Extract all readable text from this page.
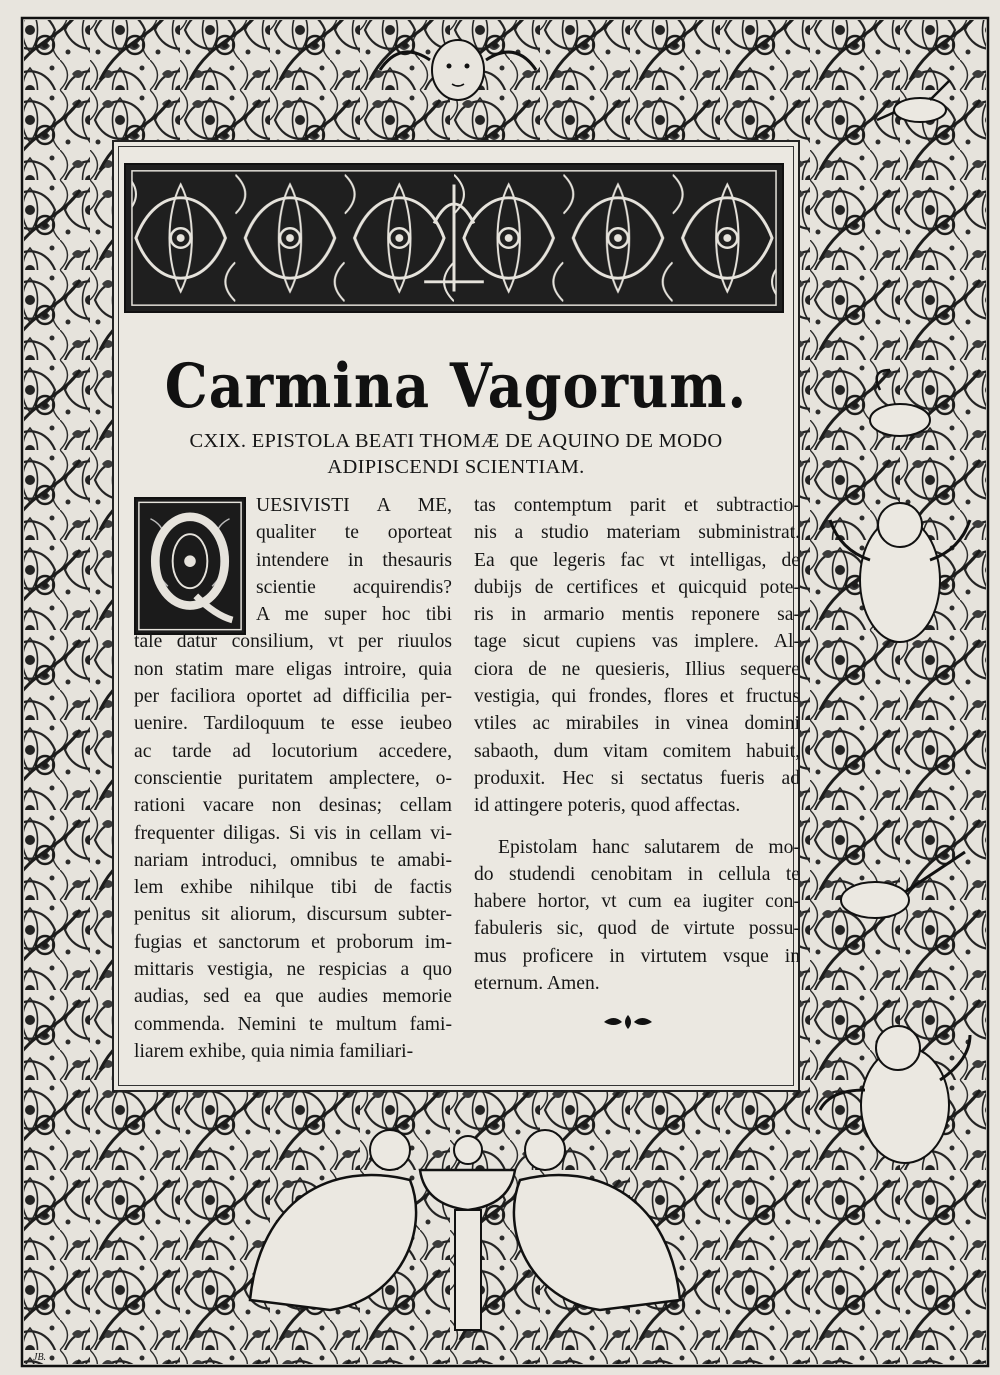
Carmina Vagorum.
CXIX. EPISTOLA BEATI THOMÆ DE AQUINO DE MODO
ADIPISCENDI SCIENTIAM.
UESIVISTI A ME,
qualiter te oporteat
intendere in thesauris
scientie acquirendis?
A me super hoc tibi
tale datur consilium, vt per riuulos
non statim mare eligas introire, quia
per faciliora oportet ad difficilia per-
uenire. Tardiloquum te esse ieubeo
ac tarde ad locutorium accedere,
conscientie puritatem amplectere, o-
rationi vacare non desinas; cellam
frequenter diligas. Si vis in cellam vi-
nariam introduci, omnibus te amabi-
lem exhibe nihilque tibi de factis
penitus sit aliorum, discursum subter-
fugias et sanctorum et proborum im-
mittaris vestigia, ne respicias a quo
audias, sed ea que audies memorie
commenda. Nemini te multum fami-
liarem exhibe, quia nimia familiari-
tas contemptum parit et subtractio-
nis a studio materiam subministrat.
Ea que legeris fac vt intelligas, de
dubijs de certifices et quicquid pote-
ris in armario mentis reponere sa-
tage sicut cupiens vas implere. Al-
ciora de ne quesieris, Illius sequere
vestigia, qui frondes, flores et fructus
vtiles ac mirabiles in vinea domini
sabaoth, dum vitam comitem habuit,
produxit. Hec si sectatus fueris ad
id attingere poteris, quod affectas.
Epistolam hanc salutarem de mo-
do studendi cenobitam in cellula te
habere hortor, vt cum ea iugiter con-
fabuleris sic, quod de virtute possu-
mus proficere in virtutem vsque in
eternum. Amen.
JB.
